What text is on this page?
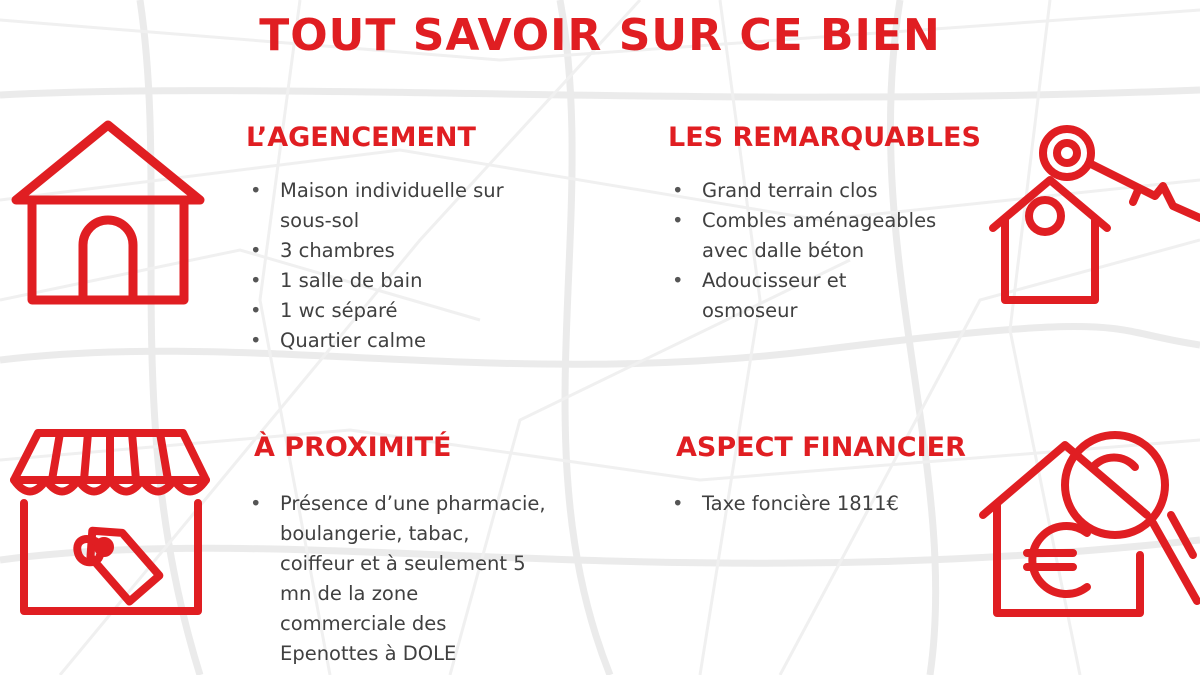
TOUT SAVOIR SUR CE BIEN
L’AGENCEMENT
• Maison individuelle sur sous-sol
• 3 chambres
• 1 salle de bain
• 1 wc séparé
• Quartier calme
LES REMARQUABLES
• Grand terrain clos
• Combles aménageables avec dalle béton
• Adoucisseur et osmoseur
À PROXIMITÉ
• Présence d’une pharmacie, boulangerie, tabac, coiffeur et à seulement 5 mn de la zone commerciale des Epenottes à DOLE
ASPECT FINANCIER
• Taxe foncière 1811€
